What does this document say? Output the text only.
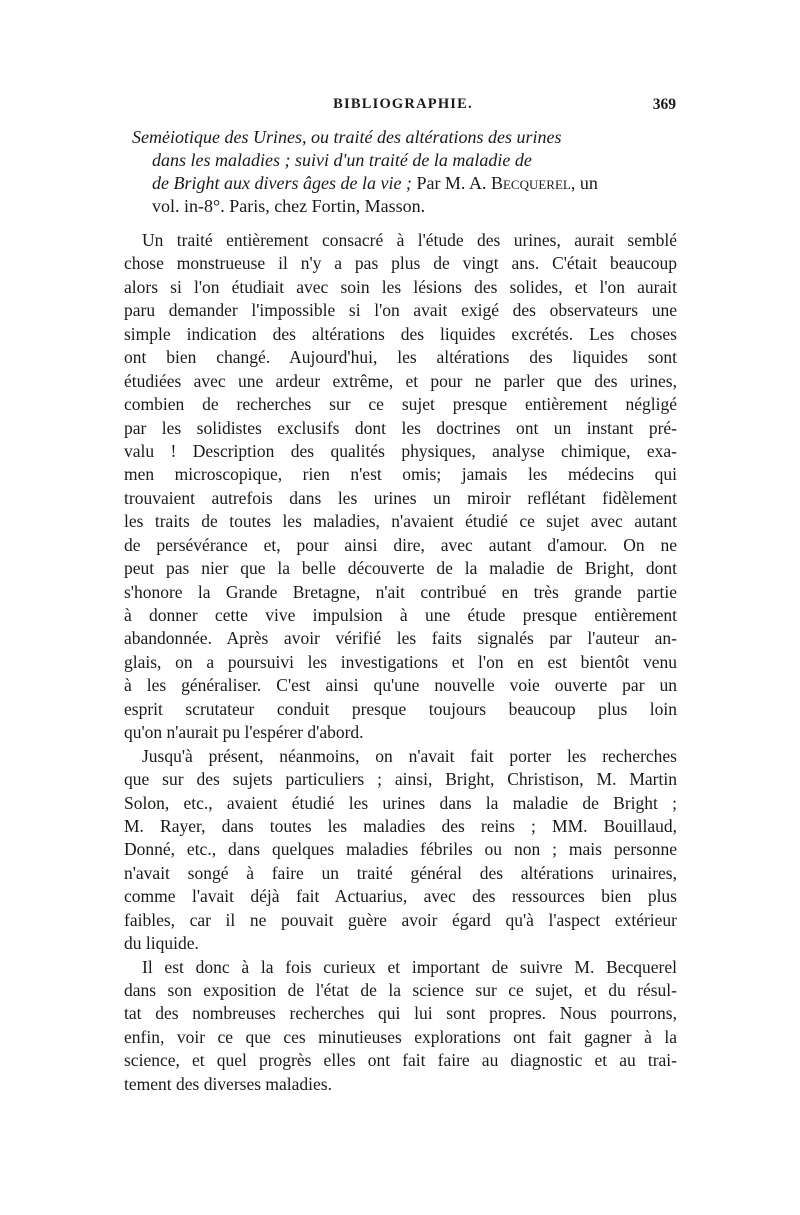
BIBLIOGRAPHIE.	369
Semėiotique des Urines, ou traité des altérations des urines
dans les maladies ; suivi d'un traité de la maladie de
de Bright aux divers âges de la vie ; Par M. A. Becquerel, un
vol. in-8°. Paris, chez Fortin, Masson.
Un traité entièrement consacré à l'étude des urines, aurait semblé
chose monstrueuse il n'y a pas plus de vingt ans. C'était beaucoup
alors si l'on étudiait avec soin les lésions des solides, et l'on aurait
paru demander l'impossible si l'on avait exigé des observateurs une
simple indication des altérations des liquides excrétés. Les choses
ont bien changé. Aujourd'hui, les altérations des liquides sont
étudiées avec une ardeur extrême, et pour ne parler que des urines,
combien de recherches sur ce sujet presque entièrement négligé
par les solidistes exclusifs dont les doctrines ont un instant pré-
valu ! Description des qualités physiques, analyse chimique, exa-
men microscopique, rien n'est omis; jamais les médecins qui
trouvaient autrefois dans les urines un miroir reflétant fidèlement
les traits de toutes les maladies, n'avaient étudié ce sujet avec autant
de persévérance et, pour ainsi dire, avec autant d'amour. On ne
peut pas nier que la belle découverte de la maladie de Bright, dont
s'honore la Grande Bretagne, n'ait contribué en très grande partie
à donner cette vive impulsion à une étude presque entièrement
abandonnée. Après avoir vérifié les faits signalés par l'auteur an-
glais, on a poursuivi les investigations et l'on en est bientôt venu
à les généraliser. C'est ainsi qu'une nouvelle voie ouverte par un
esprit scrutateur conduit presque toujours beaucoup plus loin
qu'on n'aurait pu l'espérer d'abord.
Jusqu'à présent, néanmoins, on n'avait fait porter les recherches
que sur des sujets particuliers ; ainsi, Bright, Christison, M. Martin
Solon, etc., avaient étudié les urines dans la maladie de Bright ;
M. Rayer, dans toutes les maladies des reins ; MM. Bouillaud,
Donné, etc., dans quelques maladies fébriles ou non ; mais personne
n'avait songé à faire un traité général des altérations urinaires,
comme l'avait déjà fait Actuarius, avec des ressources bien plus
faibles, car il ne pouvait guère avoir égard qu'à l'aspect extérieur
du liquide.
Il est donc à la fois curieux et important de suivre M. Becquerel
dans son exposition de l'état de la science sur ce sujet, et du résul-
tat des nombreuses recherches qui lui sont propres. Nous pourrons,
enfin, voir ce que ces minutieuses explorations ont fait gagner à la
science, et quel progrès elles ont fait faire au diagnostic et au trai-
tement des diverses maladies.
